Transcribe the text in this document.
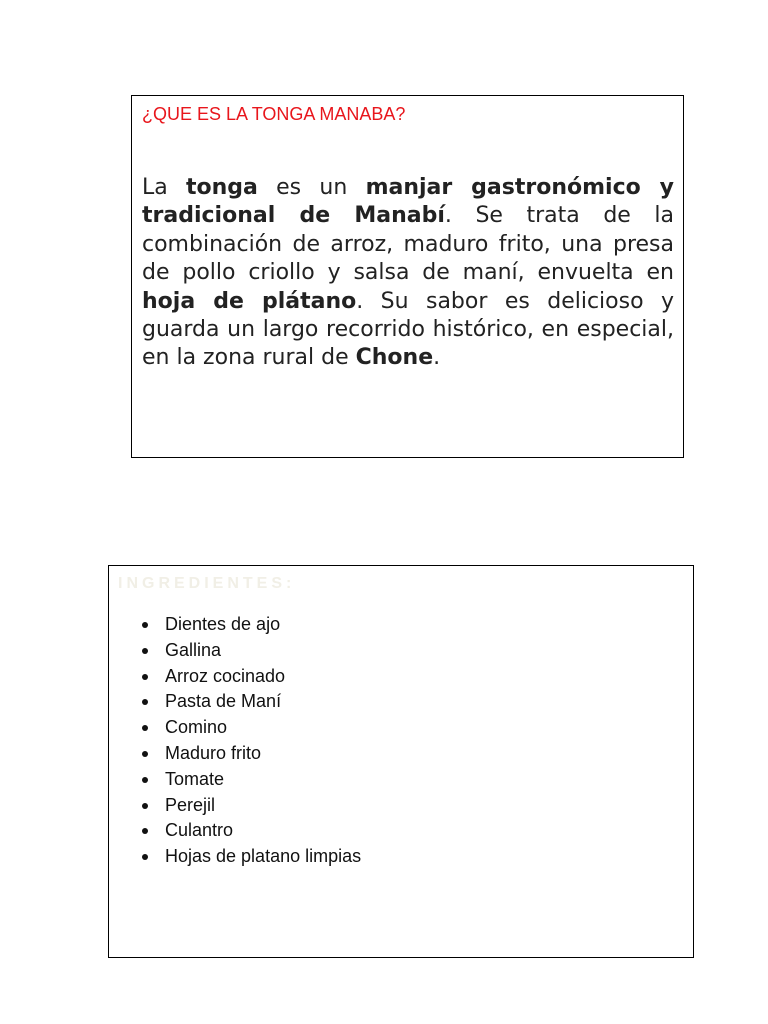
¿QUE ES LA TONGA MANABA?

La tonga es un manjar gastronómico y tradicional de Manabí. Se trata de la combinación de arroz, maduro frito, una presa de pollo criollo y salsa de maní, envuelta en hoja de plátano. Su sabor es delicioso y guarda un largo recorrido histórico, en especial, en la zona rural de Chone.

INGREDIENTES:
Dientes de ajo
Gallina
Arroz cocinado
Pasta de Maní
Comino
Maduro frito
Tomate
Perejil
Culantro
Hojas de platano limpias
